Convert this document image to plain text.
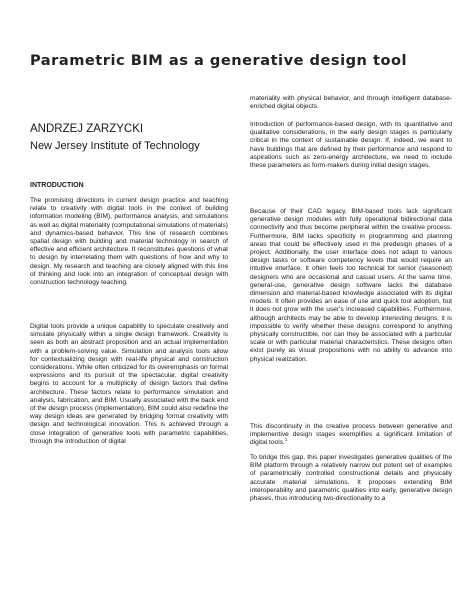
Parametric BIM as a generative design tool

ANDRZEJ ZARZYCKI

New Jersey Institute of Technology

INTRODUCTION

The promising directions in current design practice and teaching relate to creativity with digital tools in the context of building information modeling (BIM), performance analysis, and simulations as well as digital materiality (computational simulations of materials) and dynamics-based behavior. This line of research combines spatial design with building and material technology in search of effective and efficient architecture. It reconstitutes questions of what to design by interrelating them with questions of how and why to design. My research and teaching are closely aligned with this line of thinking and look into an integration of conceptual design with construction technology teaching.

Digital tools provide a unique capability to speculate creatively and simulate physically within a single design framework. Creativity is seen as both an abstract proposition and an actual implementation with a problem-solving value. Simulation and analysis tools allow for contextualizing design with real-life physical and construction considerations. While often criticized for its overemphasis on formal expressions and its pursuit of the spectacular, digital creativity begins to account for a multiplicity of design factors that define architecture. These factors relate to performance simulation and analysis, fabrication, and BIM. Usually associated with the back end of the design process (implementation), BIM could also redefine the way design ideas are generated by bridging formal creativity with design and technological innovation. This is achieved through a close integration of generative tools with parametric capabilities, through the introduction of digital

materiality with physical behavior, and through intelligent database-enriched digital objects.

Introduction of performance-based design, with its quantitative and qualitative considerations, in the early design stages is particularly critical in the context of sustainable design. If, indeed, we want to have buildings that are defined by their performance and respond to aspirations such as zero-energy architecture, we need to include these parameters as form-makers during initial design stages.

Because of their CAD legacy, BIM-based tools lack significant generative design modules with fully operational bidirectional data connectivity and thus become peripheral within the creative process. Furthermore, BIM lacks specificity in programming and planning areas that could be effectively used in the predesign phases of a project. Additionally, the user interface does not adapt to various design tasks or software competency levels that would require an intuitive interface. It often feels too technical for senior (seasoned) designers who are occasional and casual users. At the same time, general-use, generative design software lacks the database dimension and material-based knowledge associated with its digital models. It often provides an ease of use and quick tool adoption, but it does not grow with the user's increased capabilities. Furthermore, although architects may be able to develop interesting designs, it is impossible to verify whether these designs correspond to anything physically constructible, nor can they be associated with a particular scale or with particular material characteristics. These designs often exist purely as visual propositions with no ability to advance into physical realization.

This discontinuity in the creative process between generative and implementive design stages exemplifies a significant limitation of digital tools.$^1$

To bridge this gap, this paper investigates generative qualities of the BIM platform through a relatively narrow but potent set of examples of parametrically controlled constructional details and physically accurate material simulations. It proposes extending BIM interoperability and parametric qualities into early, generative design phases, thus introducing two-directionality to a
